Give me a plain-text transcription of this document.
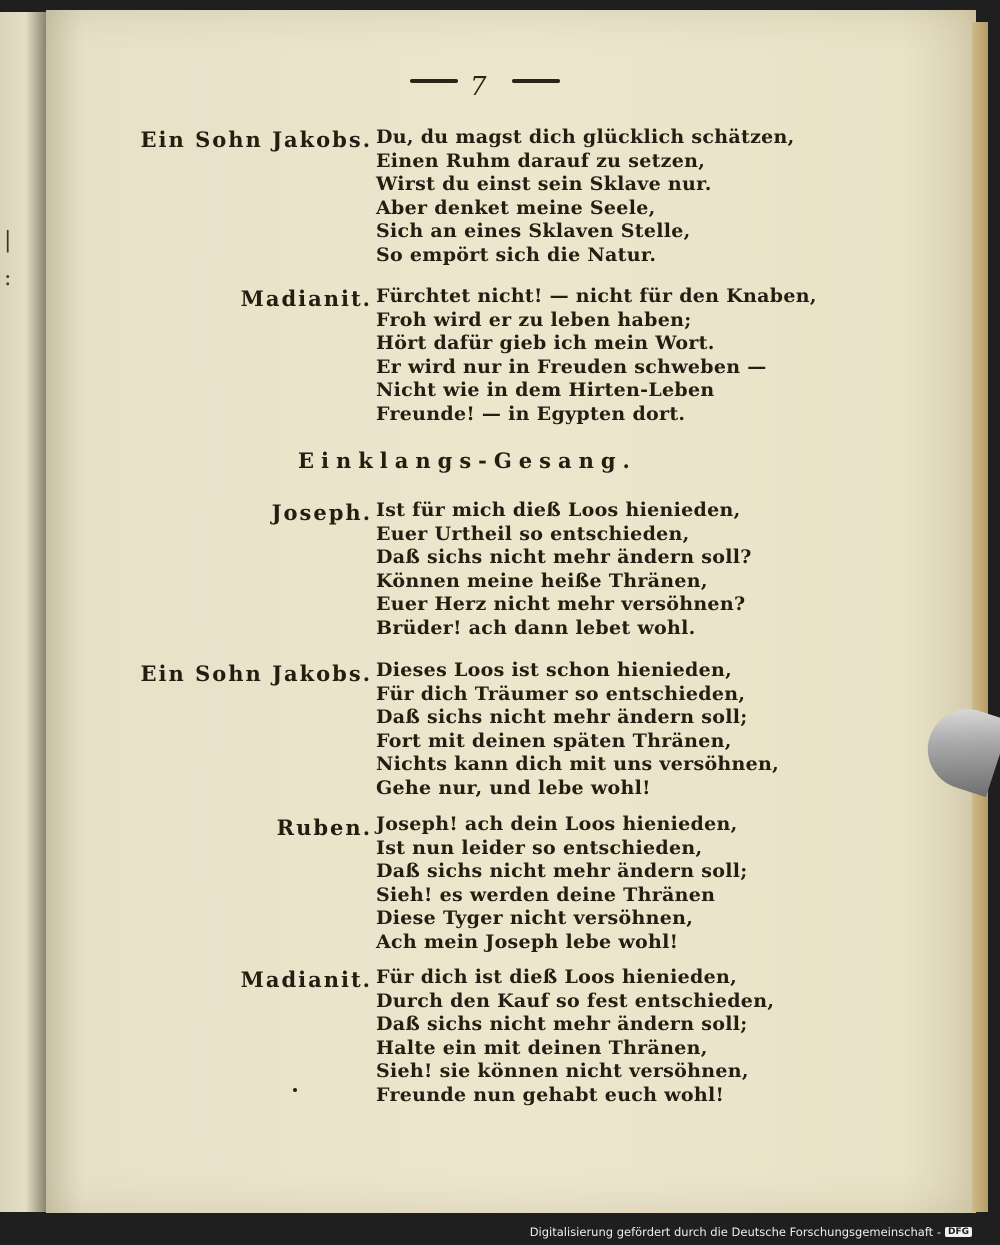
|
:
7
Ein Sohn Jakobs. Du, du magst dich glücklich schätzen,
Einen Ruhm darauf zu setzen,
Wirst du einst sein Sklave nur.
Aber denket meine Seele,
Sich an eines Sklaven Stelle,
So empört sich die Natur.
Madianit. Fürchtet nicht! — nicht für den Knaben,
Froh wird er zu leben haben;
Hört dafür gieb ich mein Wort.
Er wird nur in Freuden schweben —
Nicht wie in dem Hirten-Leben
Freunde! — in Egypten dort.
Einklangs-Gesang.
Joseph. Ist für mich dieß Loos hienieden,
Euer Urtheil so entschieden,
Daß sichs nicht mehr ändern soll?
Können meine heiße Thränen,
Euer Herz nicht mehr versöhnen?
Brüder! ach dann lebet wohl.
Ein Sohn Jakobs. Dieses Loos ist schon hienieden,
Für dich Träumer so entschieden,
Daß sichs nicht mehr ändern soll;
Fort mit deinen späten Thränen,
Nichts kann dich mit uns versöhnen,
Gehe nur, und lebe wohl!
Ruben. Joseph! ach dein Loos hienieden,
Ist nun leider so entschieden,
Daß sichs nicht mehr ändern soll;
Sieh! es werden deine Thränen
Diese Tyger nicht versöhnen,
Ach mein Joseph lebe wohl!
Madianit. Für dich ist dieß Loos hienieden,
Durch den Kauf so fest entschieden,
Daß sichs nicht mehr ändern soll;
Halte ein mit deinen Thränen,
Sieh! sie können nicht versöhnen,
Freunde nun gehabt euch wohl!
Digitalisierung gefördert durch die Deutsche Forschungsgemeinschaft - DFG
